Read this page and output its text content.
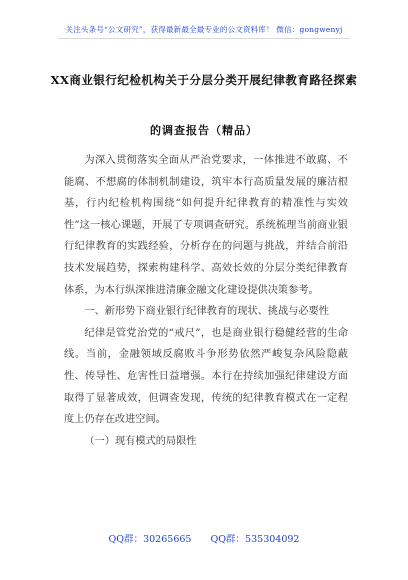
关注头条号“公文研究”，获得最新最全最专业的公文资料库！ 微信：gongwenyj
XX商业银行纪检机构关于分层分类开展纪律教育路径探索
的调查报告（精品）

为深入贯彻落实全面从严治党要求，一体推进不敢腐、不能腐、不想腐的体制机制建设，筑牢本行高质量发展的廉洁根基，行内纪检机构围绕“如何提升纪律教育的精准性与实效性”这一核心课题，开展了专项调查研究。系统梳理当前商业银行纪律教育的实践经验，分析存在的问题与挑战，并结合前沿技术发展趋势，探索构建科学、高效长效的分层分类纪律教育体系，为本行纵深推进清廉金融文化建设提供决策参考。

一、新形势下商业银行纪律教育的现状、挑战与必要性

纪律是管党治党的“戒尺”，也是商业银行稳健经营的生命线。当前，金融领域反腐败斗争形势依然严峻复杂风险隐蔽性、传导性、危害性日益增强。本行在持续加强纪律建设方面取得了显著成效，但调查发现，传统的纪律教育模式在一定程度上仍存在改进空间。

（一）现有模式的局限性

QQ群：30265665 QQ群：535304092
